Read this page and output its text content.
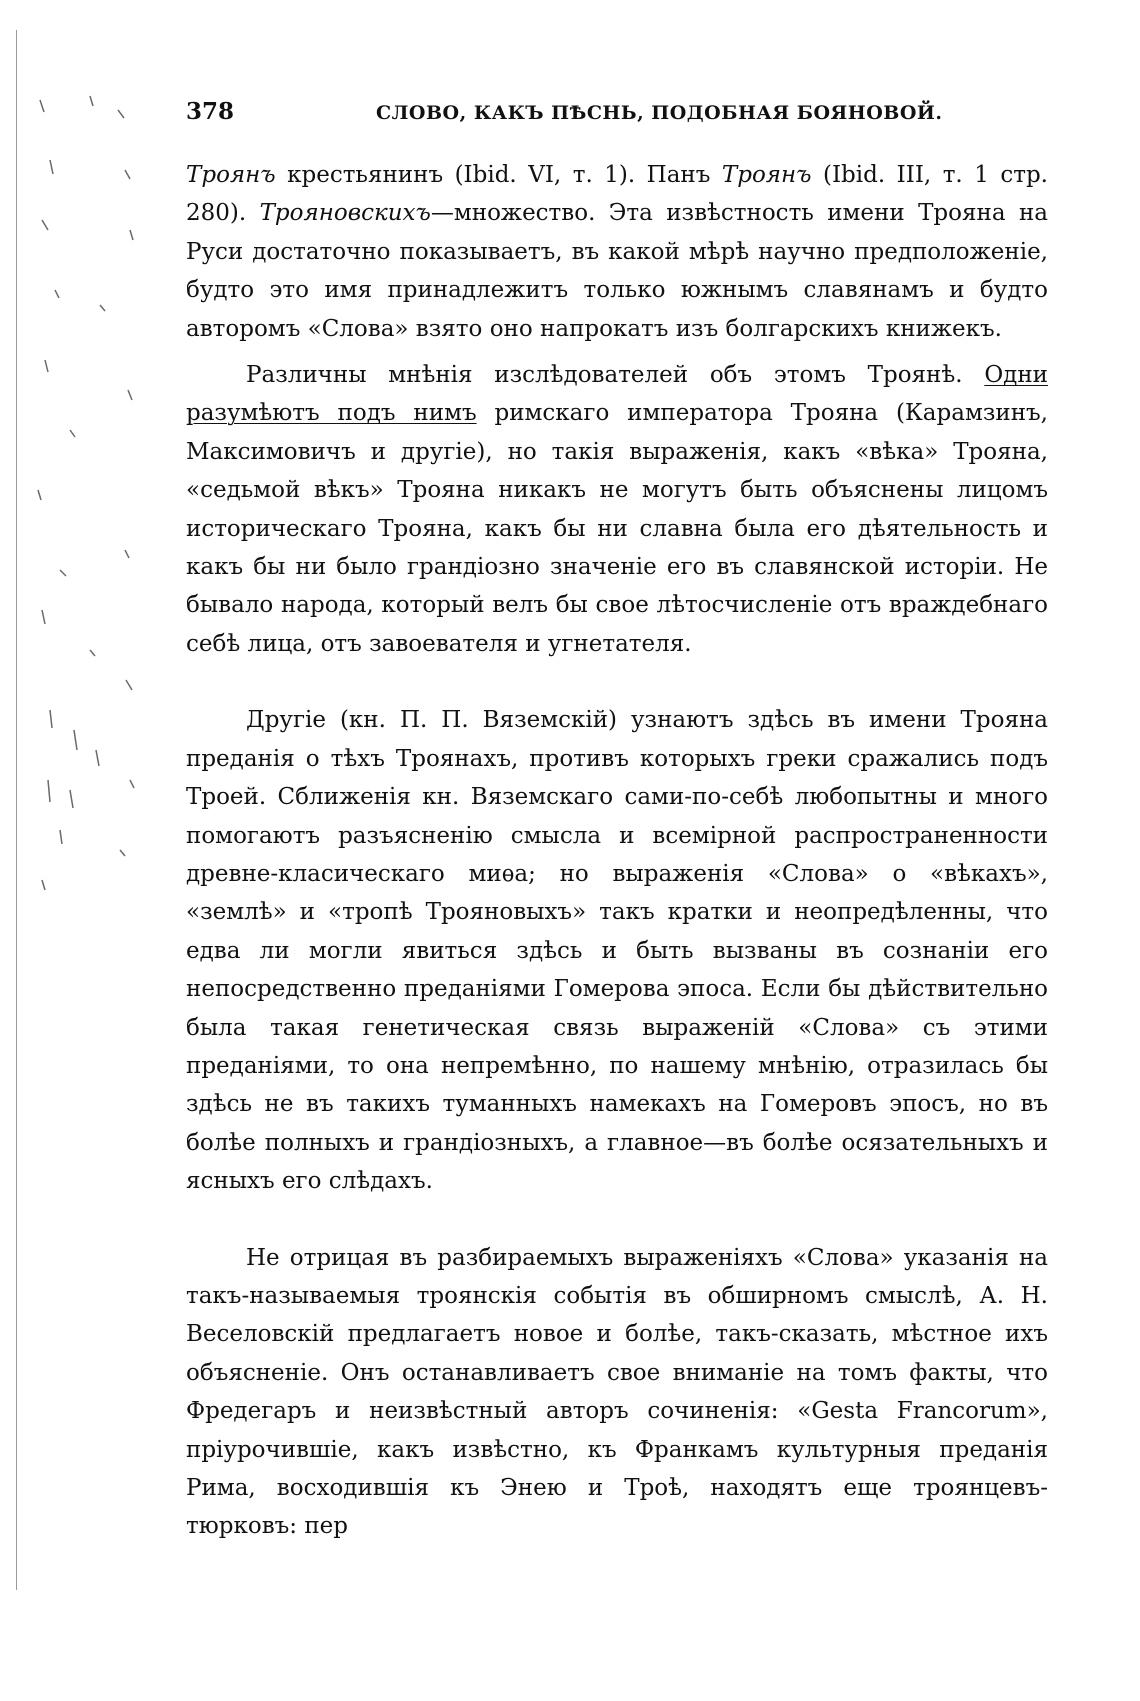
378	СЛОВО, КАКЪ ПѢСНЬ, ПОДОБНАЯ БОЯНОВОЙ.

Троянъ крестьянинъ (Ibid. VI, т. 1). Панъ Троянъ (Ibid. III, т. 1 стр. 280). Трояновскихъ—множество. Эта извѣстность имени Трояна на Руси достаточно показываетъ, въ какой мѣрѣ научно предположеніе, будто это имя принадлежитъ только южнымъ славянамъ и будто авторомъ «Слова» взято оно напрокатъ изъ болгарскихъ книжекъ.

Различны мнѣнія изслѣдователей объ этомъ Троянѣ. Одни разумѣютъ подъ нимъ римскаго императора Трояна (Карамзинъ, Максимовичъ и другіе), но такія выраженія, какъ «вѣка» Трояна, «седьмой вѣкъ» Трояна никакъ не могутъ быть объяснены лицомъ историческаго Трояна, какъ бы ни славна была его дѣятельность и какъ бы ни было грандіозно значеніе его въ славянской исторіи. Не бывало народа, который велъ бы свое лѣтосчисленіе отъ враждебнаго себѣ лица, отъ завоевателя и угнетателя.

Другіе (кн. П. П. Вяземскій) узнаютъ здѣсь въ имени Трояна преданія о тѣхъ Троянахъ, противъ которыхъ греки сражались подъ Троей. Сближенія кн. Вяземскаго сами-по-себѣ любопытны и много помогаютъ разъясненію смысла и всемірной распространенности древне-класическаго миѳа; но выраженія «Слова» о «вѣкахъ», «землѣ» и «тропѣ Трояновыхъ» такъ кратки и неопредѣленны, что едва ли могли явиться здѣсь и быть вызваны въ сознаніи его непосредственно преданіями Гомерова эпоса. Если бы дѣйствительно была такая генетическая связь выраженій «Слова» съ этими преданіями, то она непремѣнно, по нашему мнѣнію, отразилась бы здѣсь не въ такихъ туманныхъ намекахъ на Гомеровъ эпосъ, но въ болѣе полныхъ и грандіозныхъ, а главное—въ болѣе осязательныхъ и ясныхъ его слѣдахъ.

Не отрицая въ разбираемыхъ выраженіяхъ «Слова» указанія на такъ-называемыя троянскія событія въ обширномъ смыслѣ, А. Н. Веселовскій предлагаетъ новое и болѣе, такъ-сказать, мѣстное ихъ объясненіе. Онъ останавливаетъ свое вниманіе на томъ факты, что Фредегаръ и неизвѣстный авторъ сочиненія: «Gesta Francorum», пріурочившіе, какъ извѣстно, къ Франкамъ культурныя преданія Рима, восходившія къ Энею и Троѣ, находятъ еще троянцевъ-тюрковъ: пер
